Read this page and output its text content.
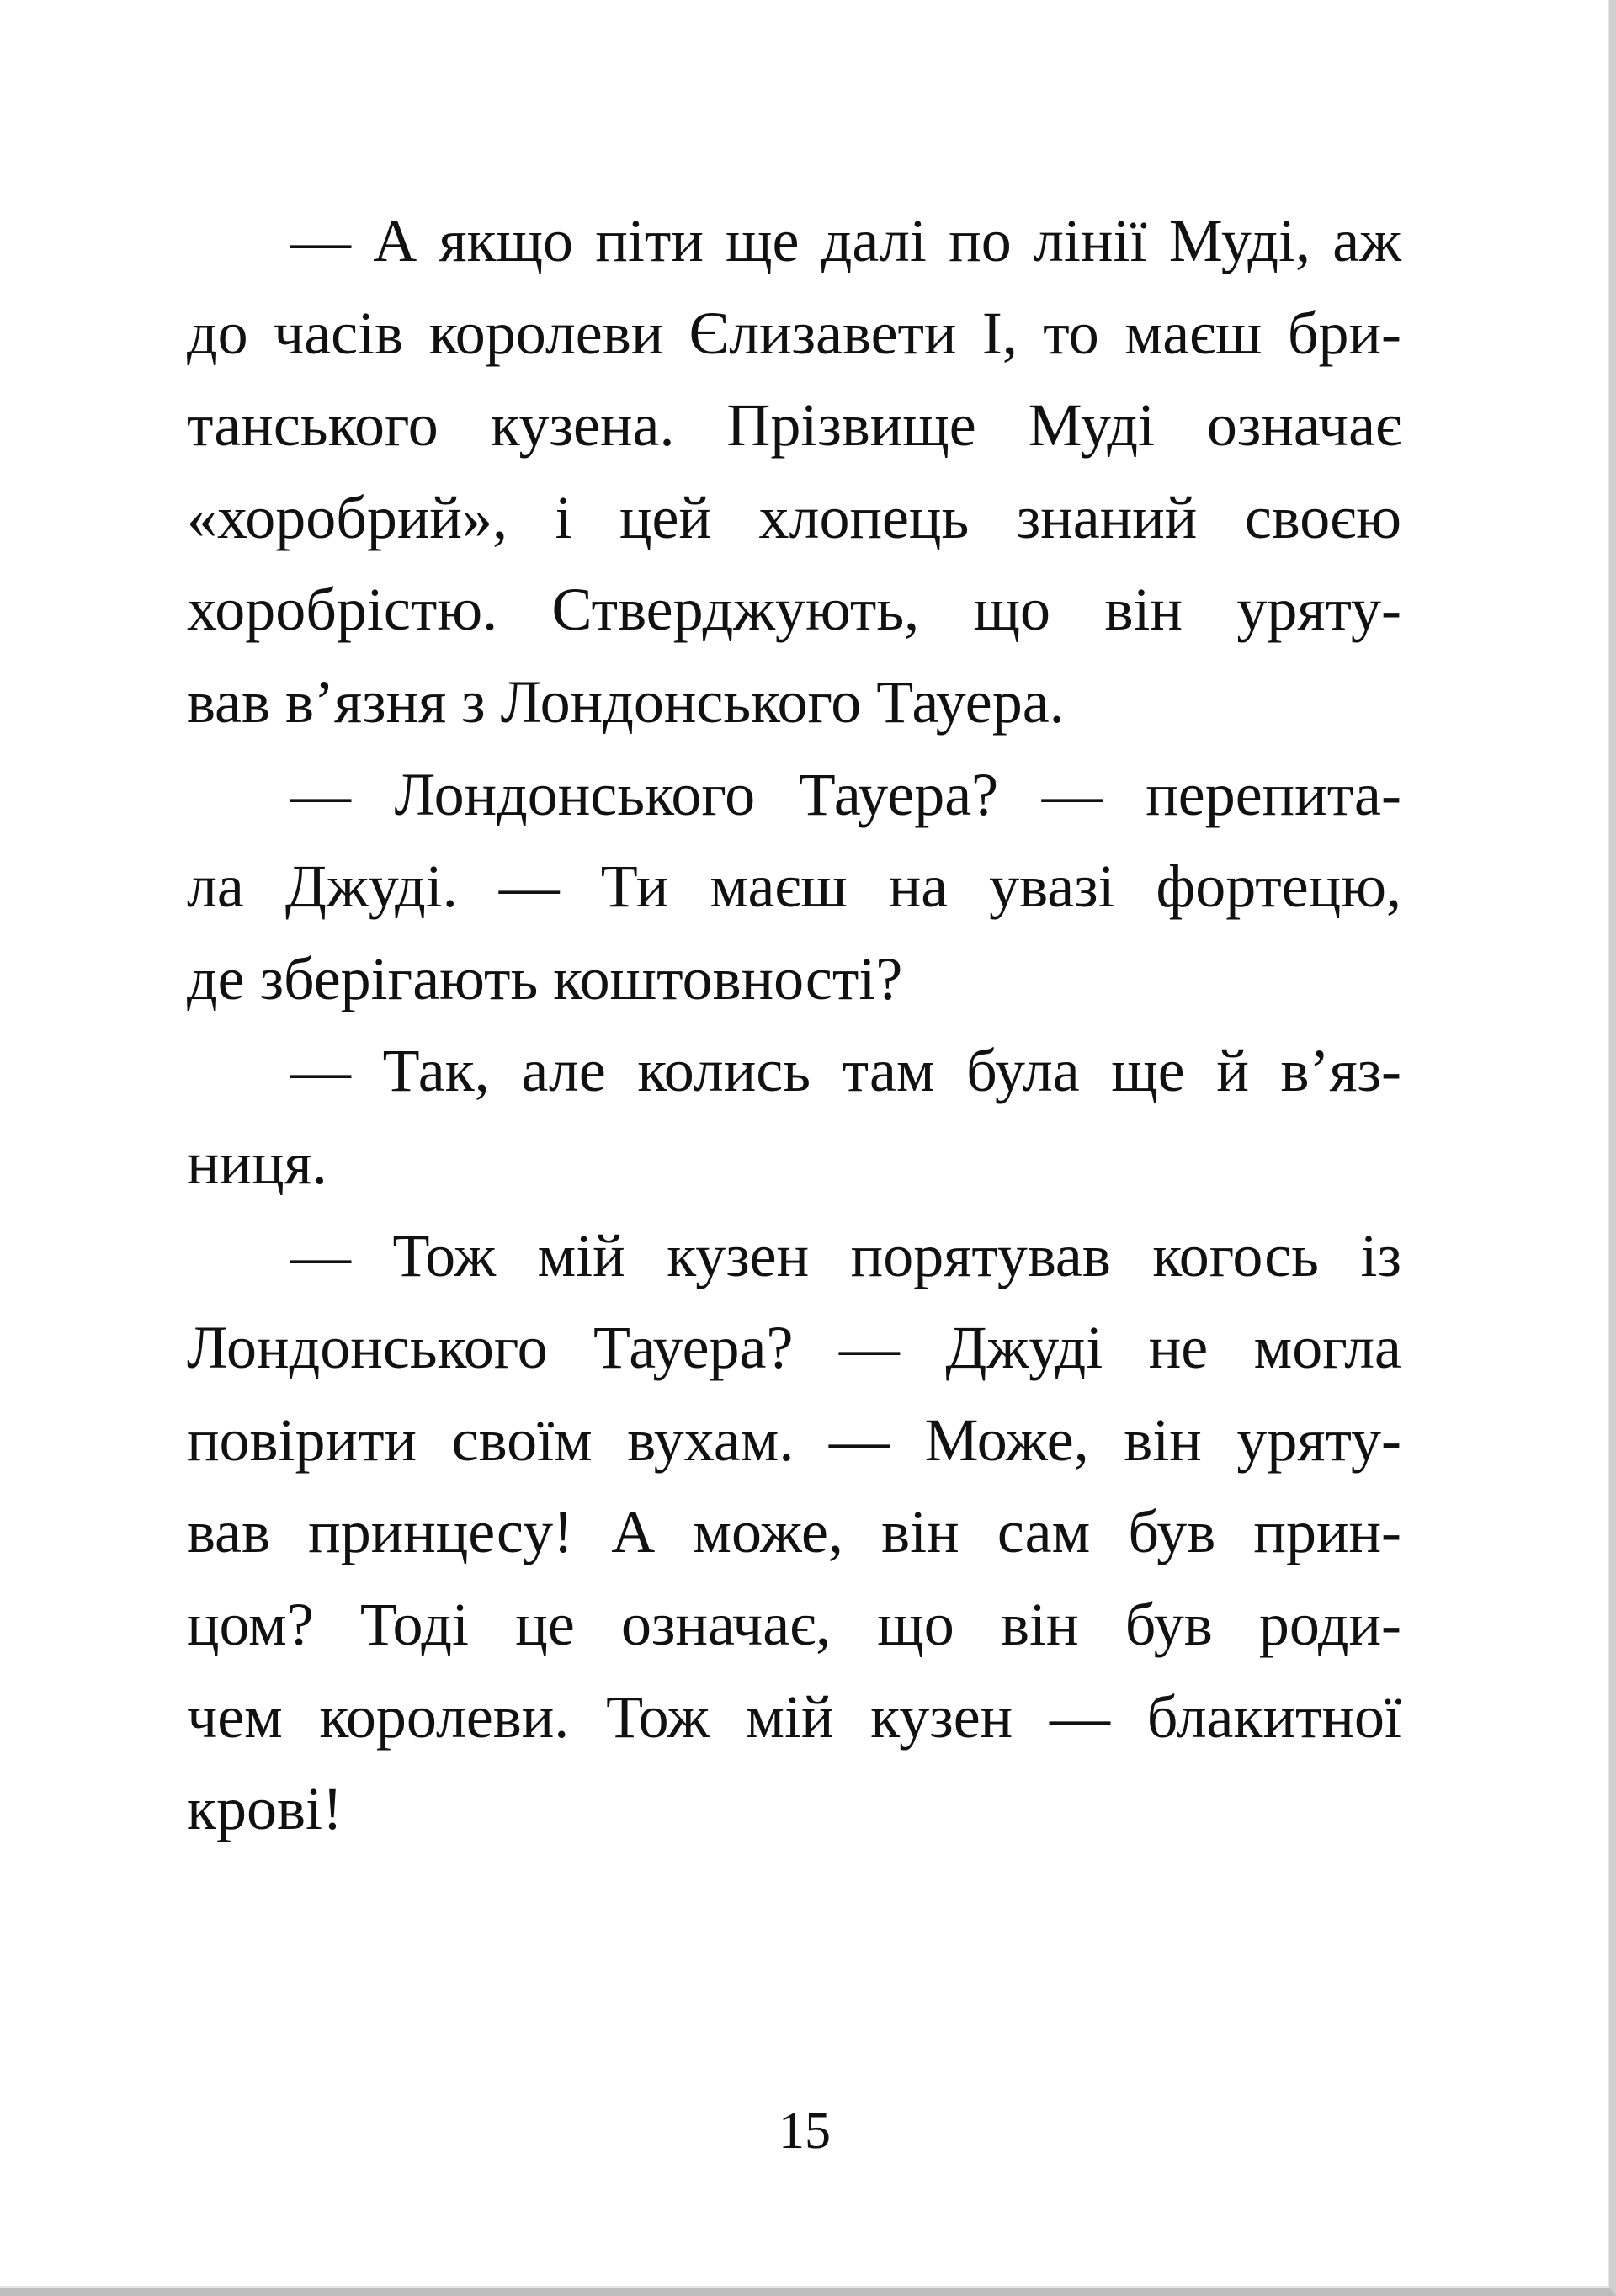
— А якщо піти ще далі по лінії Муді, аж
до часів королеви Єлизавети I, то маєш бри-
танського кузена. Прізвище Муді означає
«хоробрий», і цей хлопець знаний своєю
хоробрістю. Стверджують, що він уряту-
вав в’язня з Лондонського Тауера.
— Лондонського Тауера? — перепита-
ла Джуді. — Ти маєш на увазі фортецю,
де зберігають коштовності?
— Так, але колись там була ще й в’яз-
ниця.
— Тож мій кузен порятував когось із
Лондонського Тауера? — Джуді не могла
повірити своїм вухам. — Може, він уряту-
вав принцесу! А може, він сам був прин-
цом? Тоді це означає, що він був роди-
чем королеви. Тож мій кузен — блакитної
крові!
15
